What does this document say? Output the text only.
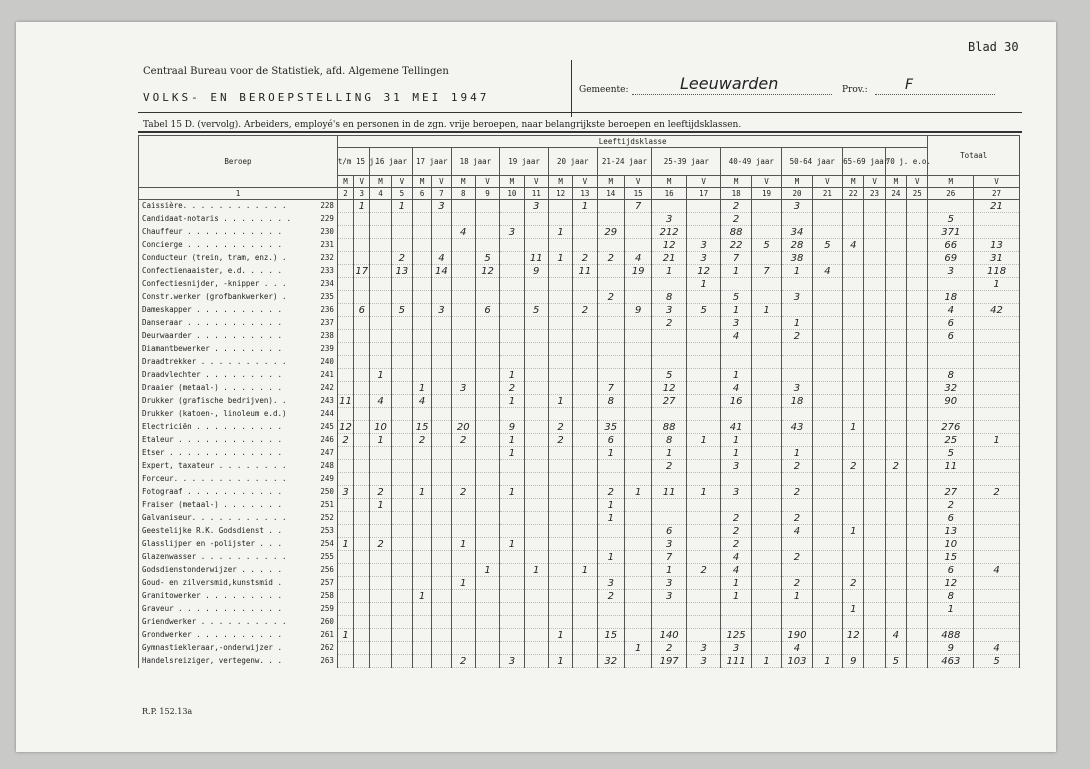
Blad 30
Centraal Bureau voor de Statistiek, afd. Algemene Tellingen
VOLKS- EN BEROEPSTELLING 31 MEI 1947
Gemeente:	Leeuwarden	Prov.:	F
Tabel 15 D. (vervolg). Arbeiders, employé's en personen in de zgn. vrije beroepen, naar belangrijkste beroepen en leeftijdsklassen.
Beroep	Leeftijdsklasse																								Totaal	
	t/m 15 j.		16 jaar		17 jaar		18 jaar		19 jaar		20 jaar		21-24 jaar		25-39 jaar		40-49 jaar		50-64 jaar		65-69 jaar		70 j. e.o.			
	M	V	M	V	M	V	M	V	M	V	M	V	M	V	M	V	M	V	M	V	M	V	M	V	M	V
1	2	3	4	5	6	7	8	9	10	11	12	13	14	15	16	17	18	19	20	21	22	23	24	25	26	27
Caissière. . . . . . . . . . . . 228		1		1		3				3		1		7			2		3							21
Candidaat-notaris . . . . . . . . 229															3		2								5	
Chauffeur . . . . . . . . . . . 230							4		3		1		29		212		88		34						371	
Concierge . . . . . . . . . . . 231															12	3	22	5	28	5	4				66	13
Conducteur (trein, tram, enz.) . 232				2		4		5		11	1	2	2	4	21	3	7		38						69	31
Confectienaaister, e.d. . . . . 233		17		13		14		12		9		11		19	1	12	1	7	1	4					3	118
Confectiesnijder, -knipper . . . 234																1										1
Constr.werker (grofbankwerker) . 235													2		8		5		3						18	
Dameskapper . . . . . . . . . . 236		6		5		3		6		5		2		9	3	5	1	1							4	42
Danseraar . . . . . . . . . . . 237															2		3		1						6	
Deurwaarder . . . . . . . . . . 238																	4		2						6	
Diamantbewerker . . . . . . . . 239																										

Draadtrekker . . . . . . . . . . 240																										

Draadvlechter . . . . . . . . . 241			1						1						5		1								8	
Draaier (metaal-) . . . . . . . 242					1		3		2				7		12		4		3						32	
Drukker (grafische bedrijven). . 243	11		4		4				1		1		8		27		16		18						90	
Drukker (katoen-, linoleum e.d.) 244																										

Electriciën . . . . . . . . . . 245	12		10		15		20		9		2		35		88		41		43		1				276	
Etaleur . . . . . . . . . . . . 246	2		1		2		2		1		2		6		8	1	1								25	1
Etser . . . . . . . . . . . . . 247									1				1		1		1		1						5	
Expert, taxateur . . . . . . . . 248															2		3		2		2		2		11	
Forceur. . . . . . . . . . . . . 249																										

Fotograaf . . . . . . . . . . . 250	3		2		1		2		1				2	1	11	1	3		2						27	2
Fraiser (metaal-) . . . . . . . 251			1										1												2	
Galvaniseur. . . . . . . . . . . 252													1				2		2						6	
Geestelijke R.K. Godsdienst . . 253															6		2		4		1				13	
Glasslijper en -polijster . . . 254	1		2				1		1						3		2								10	
Glazenwasser . . . . . . . . . . 255													1		7		4		2						15	
Godsdienstonderwijzer . . . . . 256								1		1		1			1	2	4								6	4
Goud- en zilversmid,kunstsmid . 257							1						3		3		1		2		2				12	
Granitowerker . . . . . . . . . 258					1								2		3		1		1						8	
Graveur . . . . . . . . . . . . 259																					1				1	
Griendwerker . . . . . . . . . . 260																										

Grondwerker . . . . . . . . . . 261	1										1		15		140		125		190		12		4		488	
Gymnastiekleraar,-onderwijzer . 262														1	2	3	3		4						9	4
Handelsreiziger, vertegenw. . . 263							2		3		1		32		197	3	111	1	103	1	9		5		463	5
R.P. 152.13a
